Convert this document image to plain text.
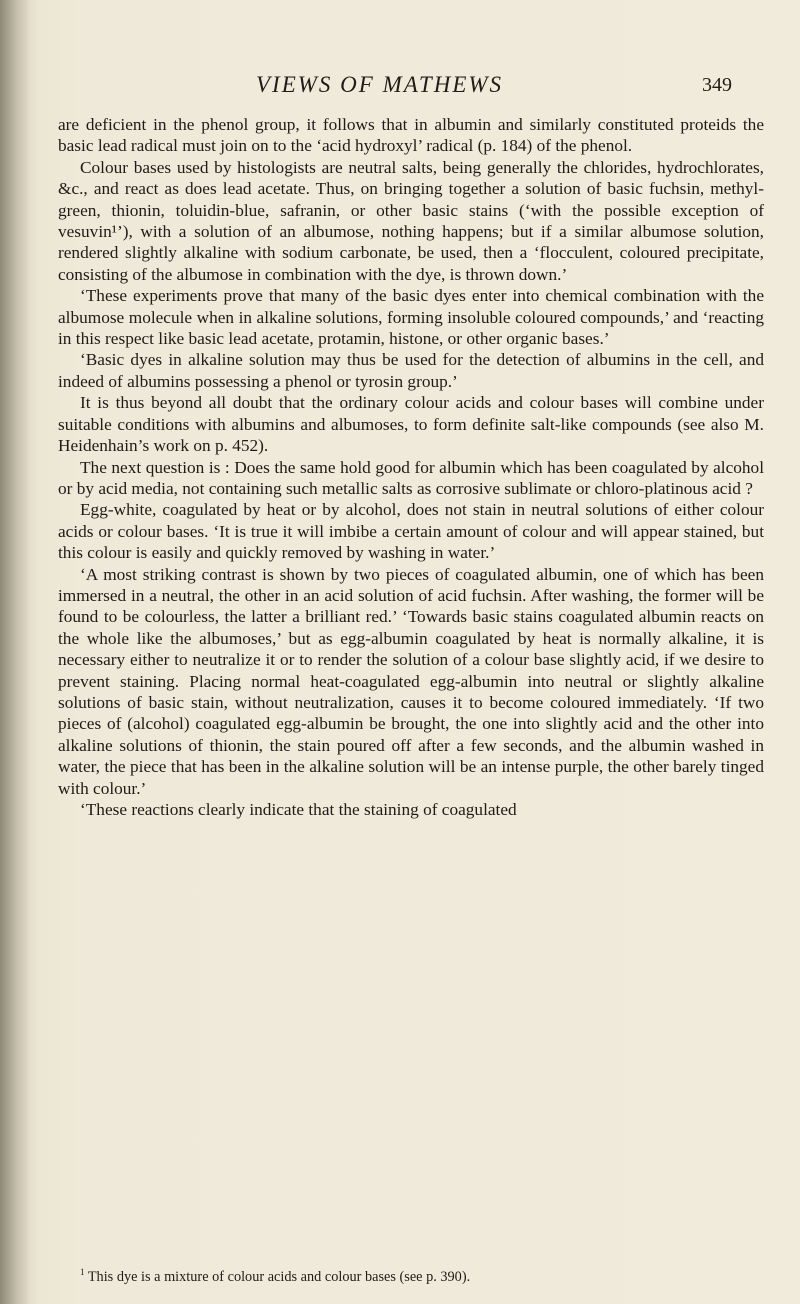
VIEWS OF MATHEWS	349

are deficient in the phenol group, it follows that in albumin and similarly constituted proteids the basic lead radical must join on to the ‘acid hydroxyl’ radical (p. 184) of the phenol.

Colour bases used by histologists are neutral salts, being generally the chlorides, hydrochlorates, &c., and react as does lead acetate. Thus, on bringing together a solution of basic fuchsin, methyl-green, thionin, toluidin-blue, safranin, or other basic stains (‘with the possible exception of vesuvin¹’), with a solution of an albumose, nothing happens; but if a similar albumose solution, rendered slightly alkaline with sodium carbonate, be used, then a ‘flocculent, coloured precipitate, consisting of the albumose in combination with the dye, is thrown down.’

‘These experiments prove that many of the basic dyes enter into chemical combination with the albumose molecule when in alkaline solutions, forming insoluble coloured compounds,’ and ‘reacting in this respect like basic lead acetate, protamin, histone, or other organic bases.’

‘Basic dyes in alkaline solution may thus be used for the detection of albumins in the cell, and indeed of albumins possessing a phenol or tyrosin group.’

It is thus beyond all doubt that the ordinary colour acids and colour bases will combine under suitable conditions with albumins and albumoses, to form definite salt-like compounds (see also M. Heidenhain’s work on p. 452).

The next question is : Does the same hold good for albumin which has been coagulated by alcohol or by acid media, not containing such metallic salts as corrosive sublimate or chloro-platinous acid ?

Egg-white, coagulated by heat or by alcohol, does not stain in neutral solutions of either colour acids or colour bases. ‘It is true it will imbibe a certain amount of colour and will appear stained, but this colour is easily and quickly removed by washing in water.’

‘A most striking contrast is shown by two pieces of coagulated albumin, one of which has been immersed in a neutral, the other in an acid solution of acid fuchsin. After washing, the former will be found to be colourless, the latter a brilliant red.’ ‘Towards basic stains coagulated albumin reacts on the whole like the albumoses,’ but as egg-albumin coagulated by heat is normally alkaline, it is necessary either to neutralize it or to render the solution of a colour base slightly acid, if we desire to prevent staining. Placing normal heat-coagulated egg-albumin into neutral or slightly alkaline solutions of basic stain, without neutralization, causes it to become coloured immediately. ‘If two pieces of (alcohol) coagulated egg-albumin be brought, the one into slightly acid and the other into alkaline solutions of thionin, the stain poured off after a few seconds, and the albumin washed in water, the piece that has been in the alkaline solution will be an intense purple, the other barely tinged with colour.’

‘These reactions clearly indicate that the staining of coagulated

$^1$ This dye is a mixture of colour acids and colour bases (see p. 390).
